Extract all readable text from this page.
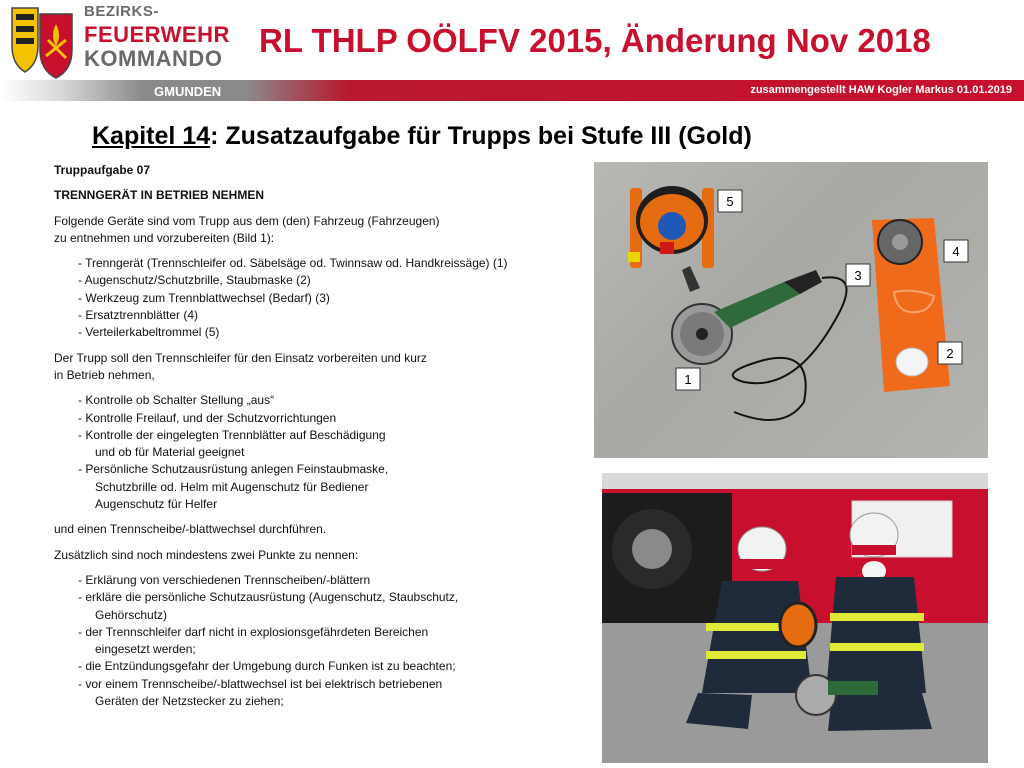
BEZIRKS-
FEUERWEHR
KOMMANDO RL THLP OÖLFV 2015, Änderung Nov 2018
GMUNDEN	zusammengestellt HAW Kogler Markus 01.01.2019
Kapitel 14: Zusatzaufgabe für Trupps bei Stufe III (Gold)

Truppaufgabe 07

TRENNGERÄT IN BETRIEB NEHMEN

Folgende Geräte sind vom Trupp aus dem (den) Fahrzeug (Fahrzeugen)

zu entnehmen und vorzubereiten (Bild 1):

- Trenngerät (Trennschleifer od. Säbelsäge od. Twinnsaw od. Handkreissäge) (1)

- Augenschutz/Schutzbrille, Staubmaske (2)

- Werkzeug zum Trennblattwechsel (Bedarf) (3)

- Ersatztrennblätter (4)

- Verteilerkabeltrommel (5)

Der Trupp soll den Trennschleifer für den Einsatz vorbereiten und kurz

in Betrieb nehmen,

- Kontrolle ob Schalter Stellung „aus“

- Kontrolle Freilauf, und der Schutzvorrichtungen

- Kontrolle der eingelegten Trennblätter auf Beschädigung

und ob für Material geeignet

- Persönliche Schutzausrüstung anlegen Feinstaubmaske,

Schutzbrille od. Helm mit Augenschutz für Bediener

Augenschutz für Helfer

und einen Trennscheibe/-blattwechsel durchführen.

Zusätzlich sind noch mindestens zwei Punkte zu nennen:

- Erklärung von verschiedenen Trennscheiben/-blättern

- erkläre die persönliche Schutzausrüstung (Augenschutz, Staubschutz,

Gehörschutz)

- der Trennschleifer darf nicht in explosionsgefährdeten Bereichen

eingesetzt werden;

- die Entzündungsgefahr der Umgebung durch Funken ist zu beachten;

- vor einem Trennscheibe/-blattwechsel ist bei elektrisch betriebenen

Geräten der Netzstecker zu ziehen;

1
2
3
4
5
